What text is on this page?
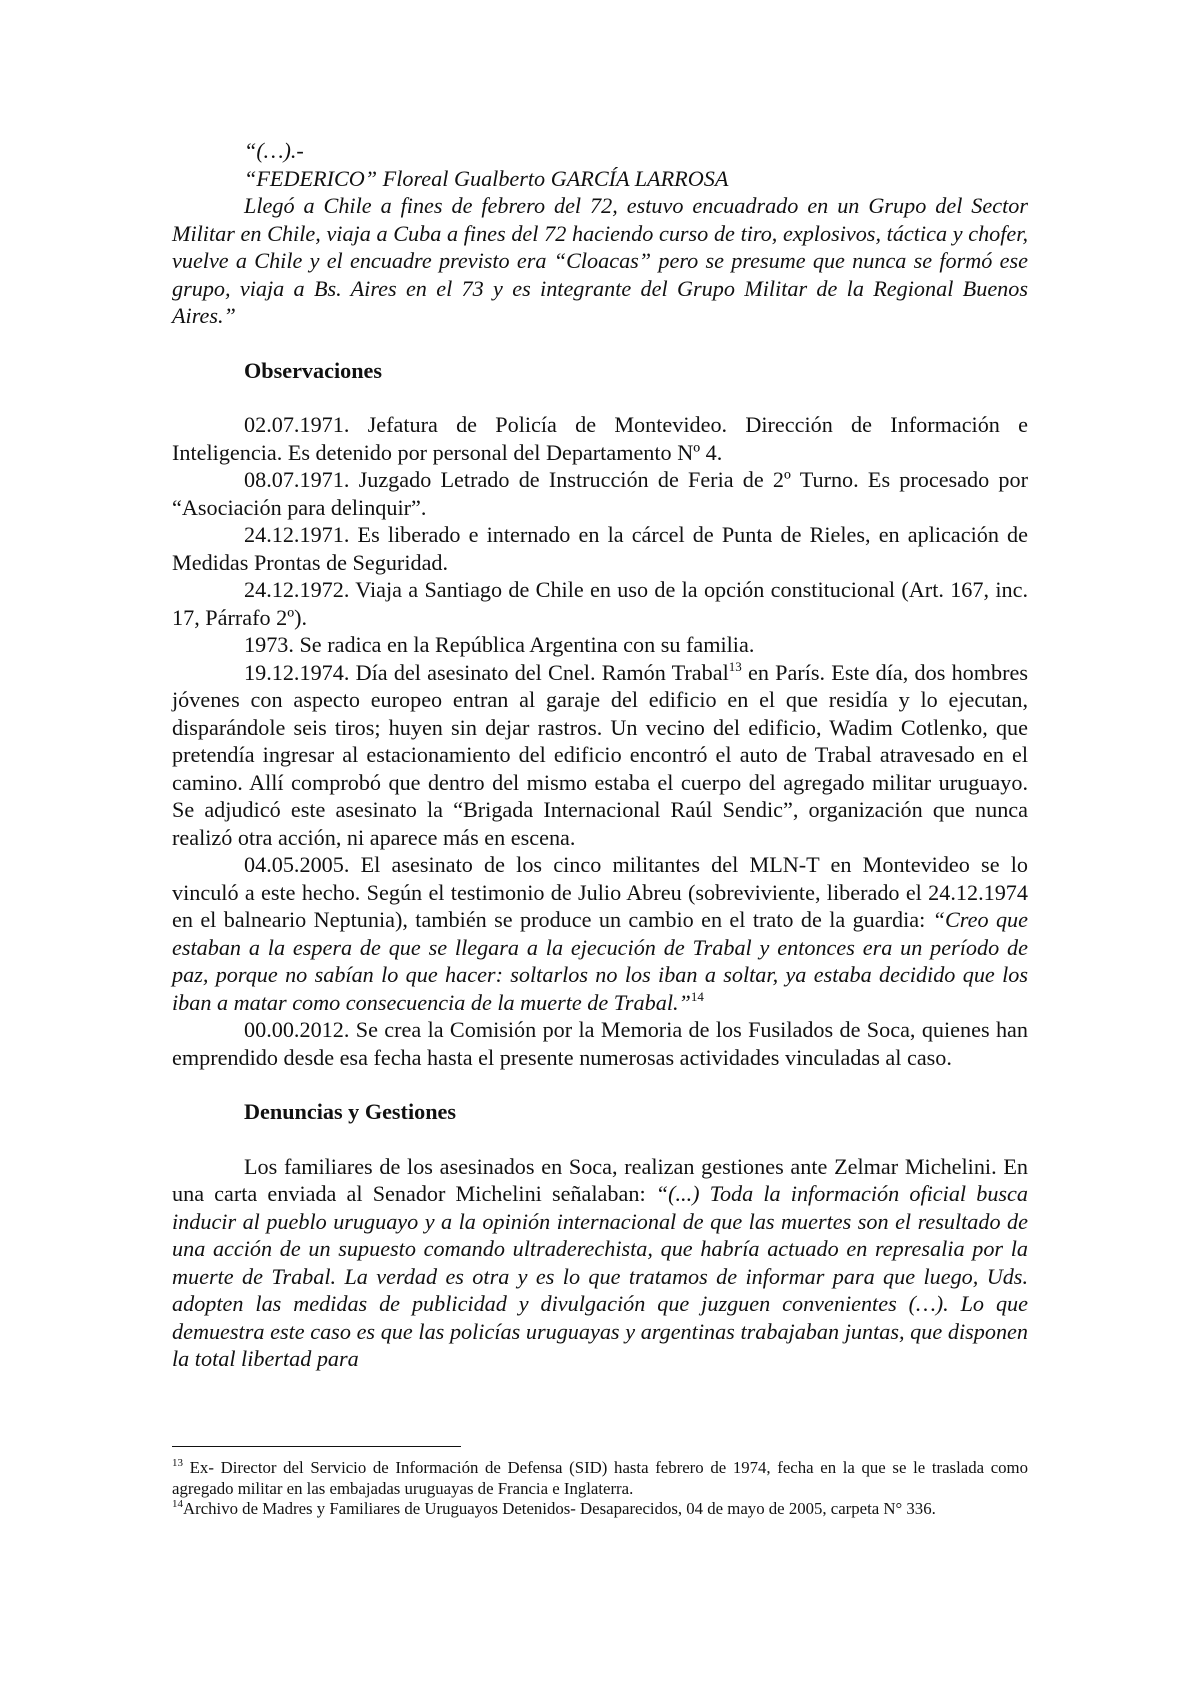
“(…).-

“FEDERICO” Floreal Gualberto GARCÍA LARROSA

Llegó a Chile a fines de febrero del 72, estuvo encuadrado en un Grupo del Sector Militar en Chile, viaja a Cuba a fines del 72 haciendo curso de tiro, explosivos, táctica y chofer, vuelve a Chile y el encuadre previsto era “Cloacas” pero se presume que nunca se formó ese grupo, viaja a Bs. Aires en el 73 y es integrante del Grupo Militar de la Regional Buenos Aires.”

Observaciones

02.07.1971. Jefatura de Policía de Montevideo. Dirección de Información e Inteligencia. Es detenido por personal del Departamento Nº 4.

08.07.1971. Juzgado Letrado de Instrucción de Feria de 2º Turno. Es procesado por “Asociación para delinquir”.

24.12.1971. Es liberado e internado en la cárcel de Punta de Rieles, en aplicación de Medidas Prontas de Seguridad.

24.12.1972. Viaja a Santiago de Chile en uso de la opción constitucional (Art. 167, inc. 17, Párrafo 2º).

1973. Se radica en la República Argentina con su familia.

19.12.1974. Día del asesinato del Cnel. Ramón Trabal$^{13}$ en París. Este día, dos hombres jóvenes con aspecto europeo entran al garaje del edificio en el que residía y lo ejecutan, disparándole seis tiros; huyen sin dejar rastros. Un vecino del edificio, Wadim Cotlenko, que pretendía ingresar al estacionamiento del edificio encontró el auto de Trabal atravesado en el camino. Allí comprobó que dentro del mismo estaba el cuerpo del agregado militar uruguayo. Se adjudicó este asesinato la “Brigada Internacional Raúl Sendic”, organización que nunca realizó otra acción, ni aparece más en escena.

04.05.2005. El asesinato de los cinco militantes del MLN-T en Montevideo se lo vinculó a este hecho. Según el testimonio de Julio Abreu (sobreviviente, liberado el 24.12.1974 en el balneario Neptunia), también se produce un cambio en el trato de la guardia: “Creo que estaban a la espera de que se llegara a la ejecución de Trabal y entonces era un período de paz, porque no sabían lo que hacer: soltarlos no los iban a soltar, ya estaba decidido que los iban a matar como consecuencia de la muerte de Trabal.”$^{14}$

00.00.2012. Se crea la Comisión por la Memoria de los Fusilados de Soca, quienes han emprendido desde esa fecha hasta el presente numerosas actividades vinculadas al caso.

Denuncias y Gestiones

Los familiares de los asesinados en Soca, realizan gestiones ante Zelmar Michelini. En una carta enviada al Senador Michelini señalaban: “(...) Toda la información oficial busca inducir al pueblo uruguayo y a la opinión internacional de que las muertes son el resultado de una acción de un supuesto comando ultraderechista, que habría actuado en represalia por la muerte de Trabal. La verdad es otra y es lo que tratamos de informar para que luego, Uds. adopten las medidas de publicidad y divulgación que juzguen convenientes (…). Lo que demuestra este caso es que las policías uruguayas y argentinas trabajaban juntas, que disponen la total libertad para

$^{13}$ Ex- Director del Servicio de Información de Defensa (SID) hasta febrero de 1974, fecha en la que se le traslada como agregado militar en las embajadas uruguayas de Francia e Inglaterra.

$^{14}$Archivo de Madres y Familiares de Uruguayos Detenidos- Desaparecidos, 04 de mayo de 2005, carpeta N° 336.
